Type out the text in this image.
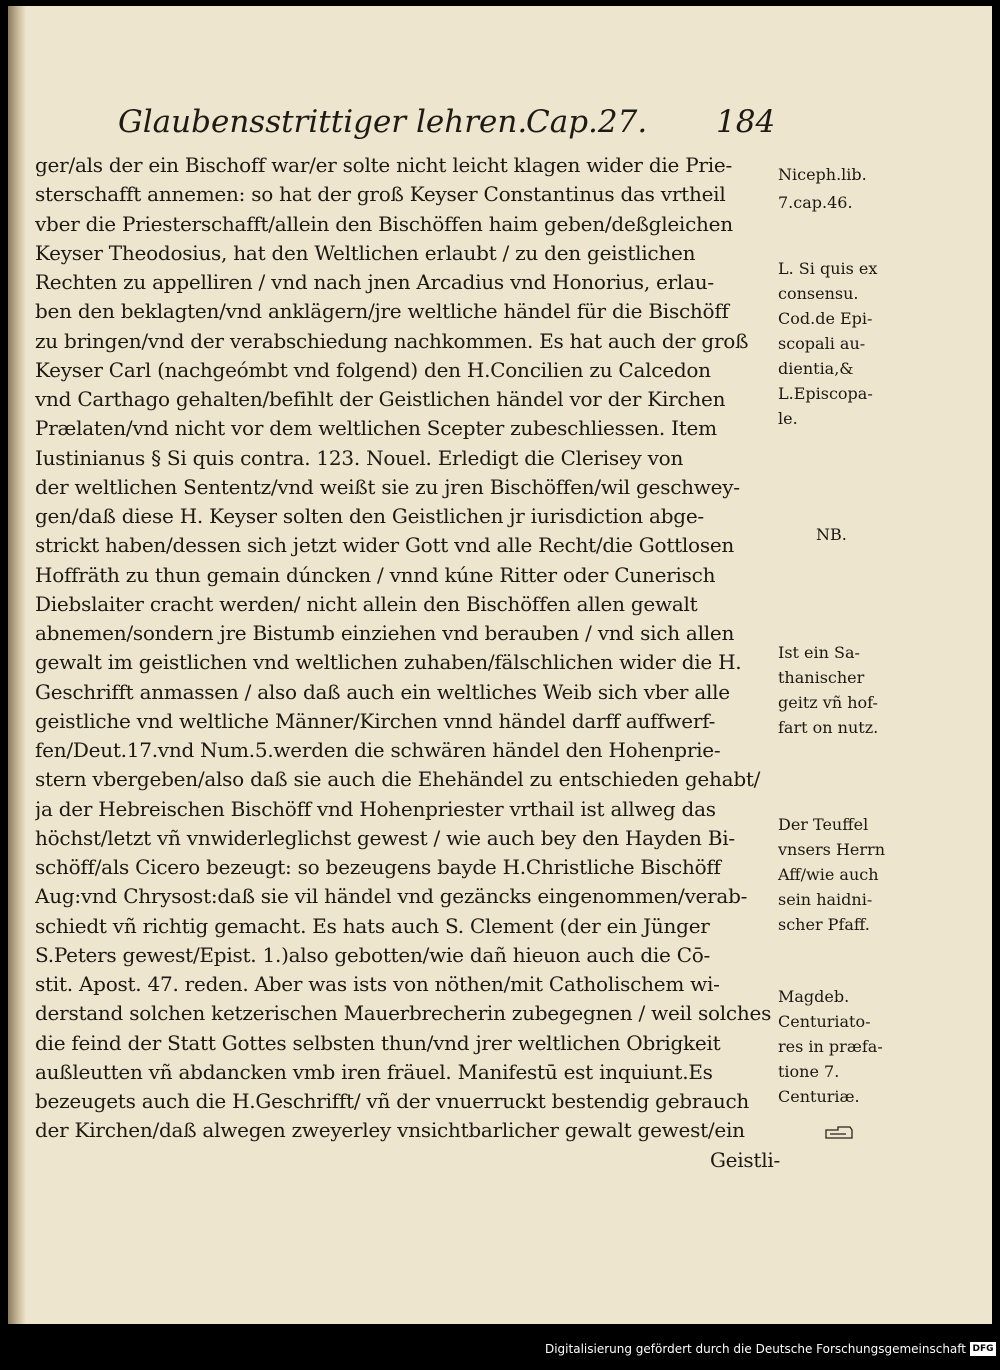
Glaubensstrittiger lehren.
Cap.27. 184
ger/als der ein Bischoff war/er solte nicht leicht klagen wider die Prie-
sterschafft annemen: so hat der groß Keyser Constantinus das vrtheil
vber die Priesterschafft/allein den Bischöffen haim geben/deßgleichen
Keyser Theodosius, hat den Weltlichen erlaubt / zu den geistlichen
Rechten zu appelliren / vnd nach jnen Arcadius vnd Honorius, erlau-
ben den beklagten/vnd anklägern/jre weltliche händel für die Bischöff
zu bringen/vnd der verabschiedung nachkommen. Es hat auch der groß
Keyser Carl (nachgeómbt vnd folgend) den H.Concilien zu Calcedon
vnd Carthago gehalten/befihlt der Geistlichen händel vor der Kirchen
Prælaten/vnd nicht vor dem weltlichen Scepter zubeschliessen. Item
Iustinianus § Si quis contra. 123. Nouel. Erledigt die Clerisey von
der weltlichen Sententz/vnd weißt sie zu jren Bischöffen/wil geschwey-
gen/daß diese H. Keyser solten den Geistlichen jr iurisdiction abge-
strickt haben/dessen sich jetzt wider Gott vnd alle Recht/die Gottlosen
Hoffräth zu thun gemain dúncken / vnnd kúne Ritter oder Cunerisch
Diebslaiter cracht werden/ nicht allein den Bischöffen allen gewalt
abnemen/sondern jre Bistumb einziehen vnd berauben / vnd sich allen
gewalt im geistlichen vnd weltlichen zuhaben/fälschlichen wider die H.
Geschrifft anmassen / also daß auch ein weltliches Weib sich vber alle
geistliche vnd weltliche Männer/Kirchen vnnd händel darff auffwerf-
fen/Deut.17.vnd Num.5.werden die schwären händel den Hohenprie-
stern vbergeben/also daß sie auch die Ehehändel zu entschieden gehabt/
ja der Hebreischen Bischöff vnd Hohenpriester vrthail ist allweg das
höchst/letzt vñ vnwiderleglichst gewest / wie auch bey den Hayden Bi-
schöff/als Cicero bezeugt: so bezeugens bayde H.Christliche Bischöff
Aug:vnd Chrysost:daß sie vil händel vnd gezäncks eingenommen/verab-
schiedt vñ richtig gemacht. Es hats auch S. Clement (der ein Jünger
S.Peters gewest/Epist. 1.)also gebotten/wie dañ hieuon auch die Cō-
stit. Apost. 47. reden. Aber was ists von nöthen/mit Catholischem wi-
derstand solchen ketzerischen Mauerbrecherin zubegegnen / weil solches
die feind der Statt Gottes selbsten thun/vnd jrer weltlichen Obrigkeit
außleutten vñ abdancken vmb iren fräuel. Manifestū est inquiunt.Es
bezeugets auch die H.Geschrifft/ vñ der vnuerruckt bestendig gebrauch
der Kirchen/daß alwegen zweyerley vnsichtbarlicher gewalt gewest/ein
Geistli-
Niceph.lib.
7.cap.46.
L. Si quis ex
consensu.
Cod.de Epi-
scopali au-
dientia,&
L.Episcopa-
le.
NB.
Ist ein Sa-
thanischer
geitz vñ hof-
fart on nutz.
Der Teuffel
vnsers Herrn
Aff/wie auch
sein haidni-
scher Pfaff.
Magdeb.
Centuriato-
res in præfa-
tione 7.
Centuriæ.
Digitalisierung gefördert durch die Deutsche Forschungsgemeinschaft DFG
